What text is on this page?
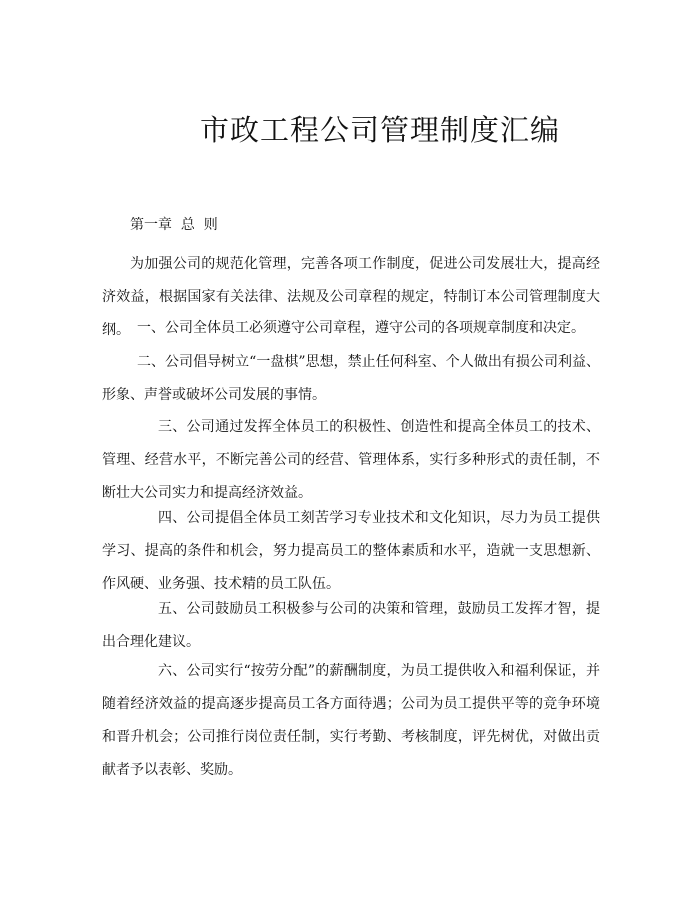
市政工程公司管理制度汇编
第一章  总  则

为加强公司的规范化管理，完善各项工作制度，促进公司发展壮大，提高经济效益，根据国家有关法律、法规及公司章程的规定，特制订本公司管理制度大纲。 一、公司全体员工必须遵守公司章程，遵守公司的各项规章制度和决定。

二、公司倡导树立“一盘棋”思想，禁止任何科室、个人做出有损公司利益、形象、声誉或破坏公司发展的事情。

三、公司通过发挥全体员工的积极性、创造性和提高全体员工的技术、管理、经营水平，不断完善公司的经营、管理体系，实行多种形式的责任制，不断壮大公司实力和提高经济效益。

四、公司提倡全体员工刻苦学习专业技术和文化知识，尽力为员工提供学习、提高的条件和机会，努力提高员工的整体素质和水平，造就一支思想新、作风硬、业务强、技术精的员工队伍。

五、公司鼓励员工积极参与公司的决策和管理，鼓励员工发挥才智，提出合理化建议。

六、公司实行“按劳分配”的薪酬制度，为员工提供收入和福利保证，并随着经济效益的提高逐步提高员工各方面待遇；公司为员工提供平等的竞争环境和晋升机会；公司推行岗位责任制，实行考勤、考核制度，评先树优，对做出贡献者予以表彰、奖励。
